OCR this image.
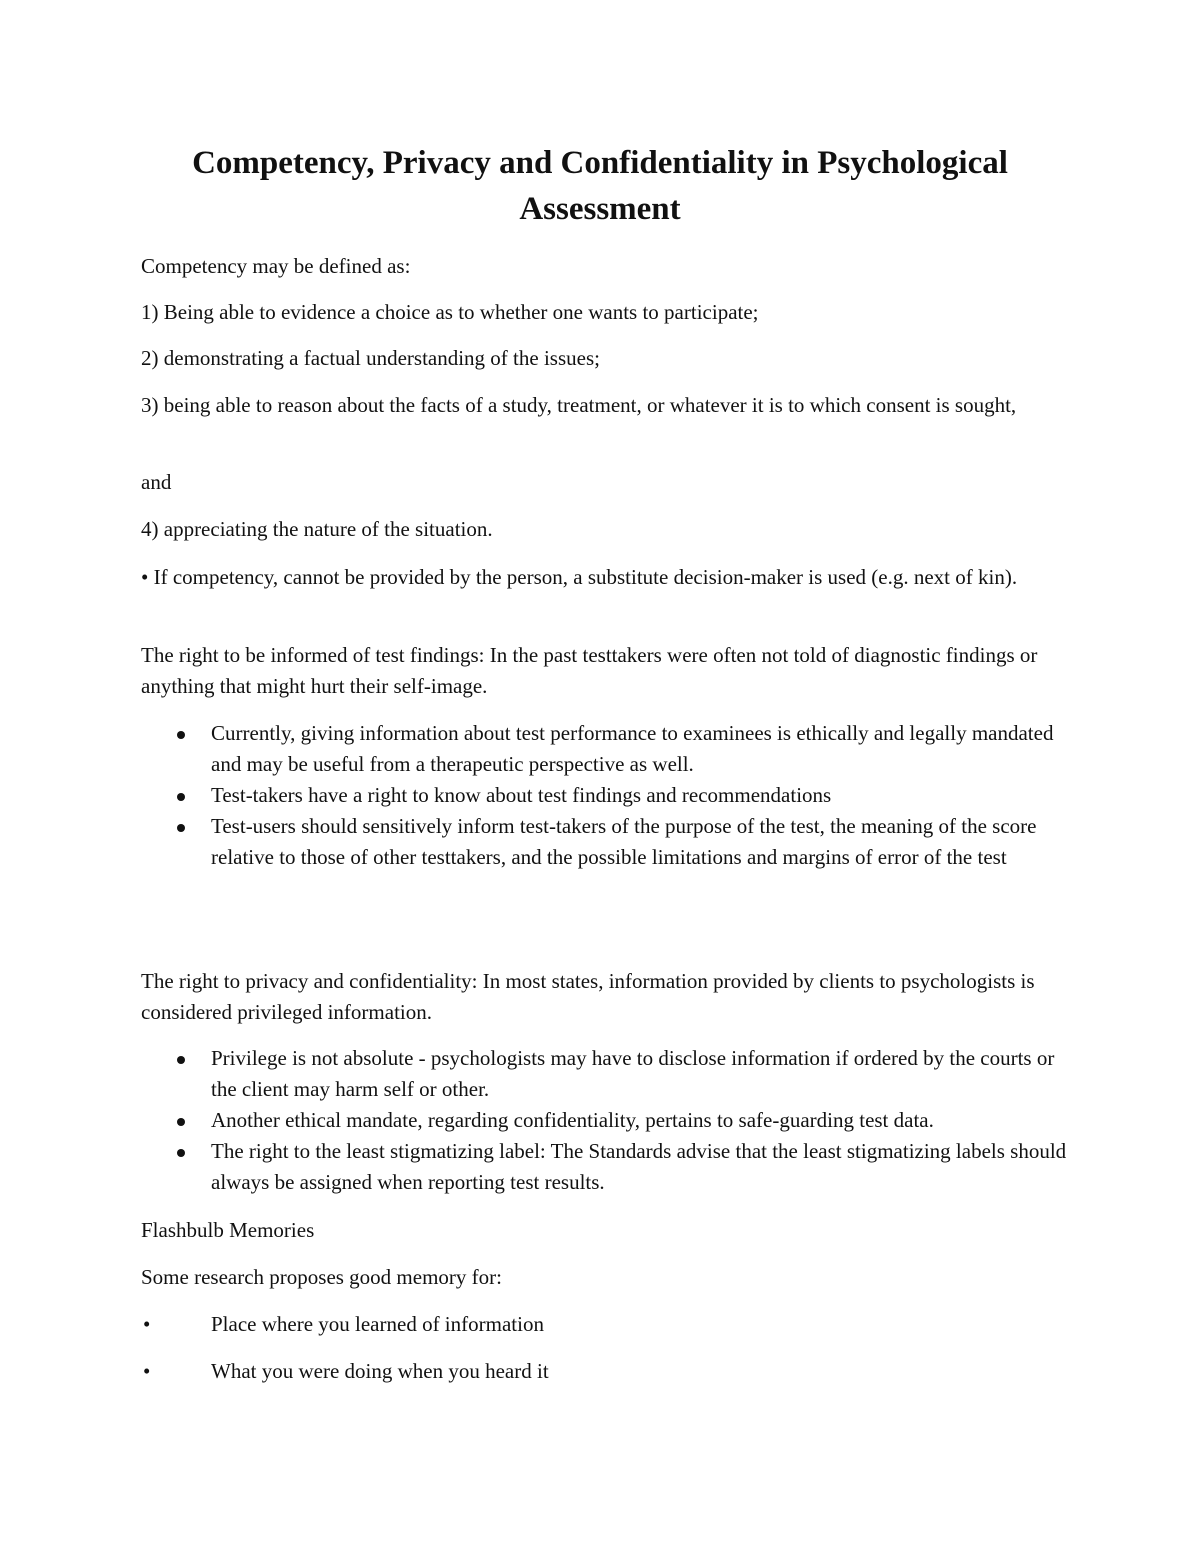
Competency, Privacy and Confidentiality in Psychological Assessment

Competency may be defined as:

1) Being able to evidence a choice as to whether one wants to participate;

2) demonstrating a factual understanding of the issues;

3) being able to reason about the facts of a study, treatment, or whatever it is to which consent is sought,

and

4) appreciating the nature of the situation.

• If competency, cannot be provided by the person, a substitute decision-maker is used (e.g. next of kin).

The right to be informed of test findings: In the past testtakers were often not told of diagnostic findings or anything that might hurt their self-image.

Currently, giving information about test performance to examinees is ethically and legally mandated and may be useful from a therapeutic perspective as well.
Test-takers have a right to know about test findings and recommendations
Test-users should sensitively inform test-takers of the purpose of the test, the meaning of the score relative to those of other testtakers, and the possible limitations and margins of error of the test

The right to privacy and confidentiality: In most states, information provided by clients to psychologists is considered privileged information.

Privilege is not absolute - psychologists may have to disclose information if ordered by the courts or the client may harm self or other.
Another ethical mandate, regarding confidentiality, pertains to safe-guarding test data.
The right to the least stigmatizing label: The Standards advise that the least stigmatizing labels should always be assigned when reporting test results.

Flashbulb Memories

Some research proposes good memory for:

•	Place where you learned of information
•	What you were doing when you heard it
